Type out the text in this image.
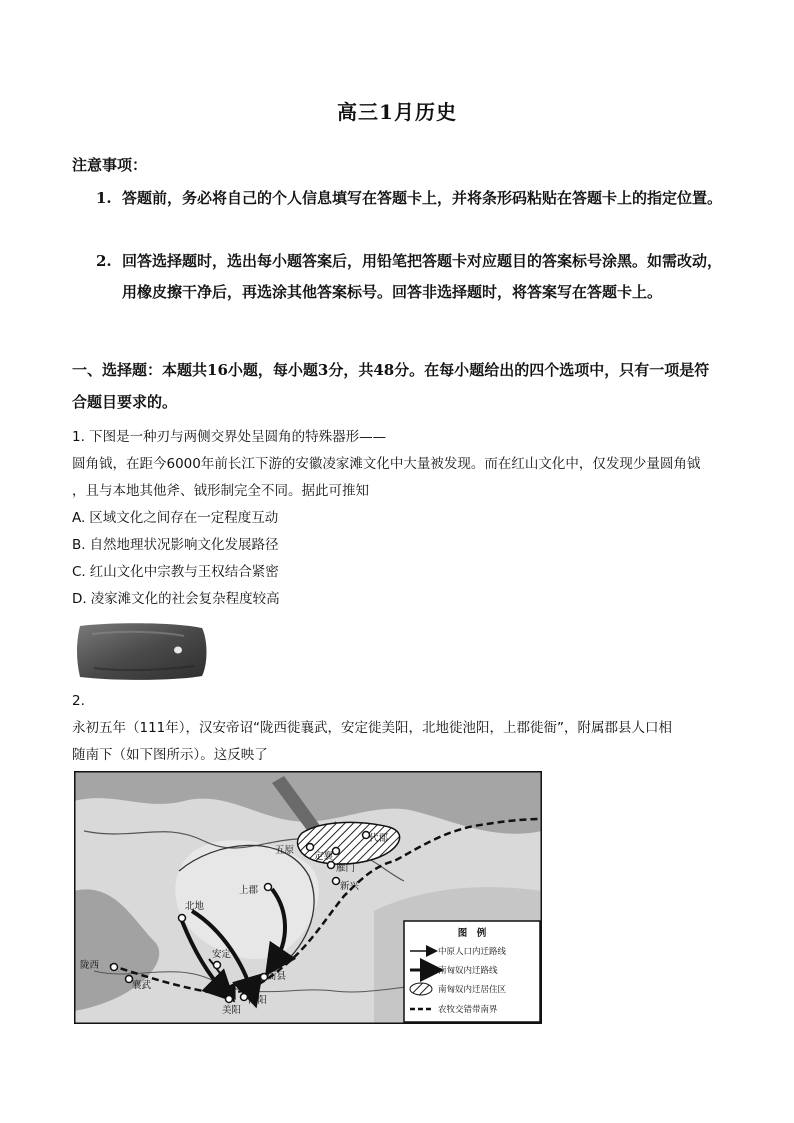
高三1月历史
注意事项：
1. 答题前，务必将自己的个人信息填写在答题卡上，并将条形码粘贴在答题卡上的指定位置。
2. 回答选择题时，选出每小题答案后，用铅笔把答题卡对应题目的答案标号涂黑。如需改动，用橡皮擦干净后，再选涂其他答案标号。回答非选择题时，将答案写在答题卡上。
一、选择题：本题共16小题，每小题3分，共48分。在每小题给出的四个选项中，只有一项是符合题目要求的。
1. 下图是一种刃与两侧交界处呈圆角的特殊器形——
圆角钺，在距今6000年前长江下游的安徽凌家滩文化中大量被发现。而在红山文化中，仅发现少量圆角钺
，且与本地其他斧、钺形制完全不同。据此可推知
A. 区域文化之间存在一定程度互动
B. 自然地理状况影响文化发展路径
C. 红山文化中宗教与王权结合紧密
D. 凌家滩文化的社会复杂程度较高
2.
永初五年（111年），汉安帝诏“陇西徙襄武，安定徙美阳，北地徙池阳，上郡徙衙”，附属郡县人口相
随南下（如下图所示）。这反映了
陇西
襄武
北地
安定
上郡
美阳
池阳
衙县
五原
定襄
代郡
雁门
新兴
图　例
中原人口内迁路线
南匈奴内迁路线
南匈奴内迁居住区
农牧交错带南界
